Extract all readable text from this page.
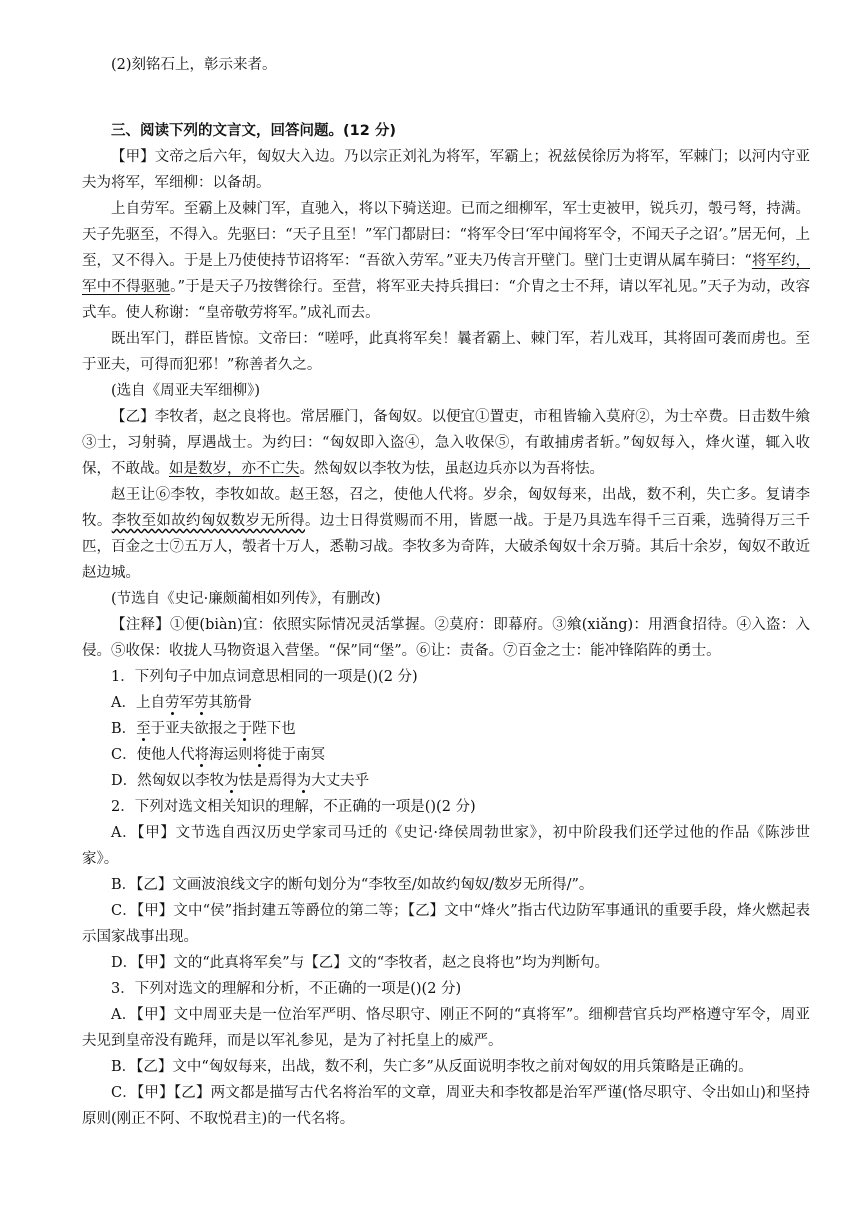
(2)刻铭石上，彰示来者。

三、阅读下列的文言文，回答问题。(12 分)

【甲】文帝之后六年，匈奴大入边。乃以宗正刘礼为将军，军霸上；祝兹侯徐厉为将军，军棘门；以河内守亚夫为将军，军细柳：以备胡。

上自劳军。至霸上及棘门军，直驰入，将以下骑送迎。已而之细柳军，军士吏被甲，锐兵刃，彀弓弩，持满。天子先驱至，不得入。先驱曰：“天子且至！”军门都尉曰：“将军令曰‘军中闻将军令，不闻天子之诏’。”居无何，上至，又不得入。于是上乃使使持节诏将军：“吾欲入劳军。”亚夫乃传言开壁门。壁门士吏谓从属车骑曰：“将军约，军中不得驱驰。”于是天子乃按辔徐行。至营，将军亚夫持兵揖曰：“介胄之士不拜，请以军礼见。”天子为动，改容式车。使人称谢：“皇帝敬劳将军。”成礼而去。

既出军门，群臣皆惊。文帝曰：“嗟呼，此真将军矣！曩者霸上、棘门军，若儿戏耳，其将固可袭而虏也。至于亚夫，可得而犯邪！”称善者久之。

(选自《周亚夫军细柳》)

【乙】李牧者，赵之良将也。常居雁门，备匈奴。以便宜①置吏，市租皆输入莫府②，为士卒费。日击数牛飨③士，习射骑，厚遇战士。为约曰：“匈奴即入盗④，急入收保⑤，有敢捕虏者斩。”匈奴每入，烽火谨，辄入收保，不敢战。如是数岁，亦不亡失。然匈奴以李牧为怯，虽赵边兵亦以为吾将怯。

赵王让⑥李牧，李牧如故。赵王怒，召之，使他人代将。岁余，匈奴每来，出战，数不利，失亡多。复请李牧。李牧至如故约匈奴数岁无所得。边士日得赏赐而不用，皆愿一战。于是乃具选车得千三百乘，选骑得万三千匹，百金之士⑦五万人，彀者十万人，悉勒习战。李牧多为奇阵，大破杀匈奴十余万骑。其后十余岁，匈奴不敢近赵边城。

(节选自《史记·廉颇蔺相如列传》，有删改)

【注释】①便(biàn)宜：依照实际情况灵活掌握。②莫府：即幕府。③飨(xiǎng)：用酒食招待。④入盗：入侵。⑤收保：收拢人马物资退入营堡。“保”同“堡”。⑥让：责备。⑦百金之士：能冲锋陷阵的勇士。

1．下列句子中加点词意思相同的一项是()(2 分)

A．上自劳军劳其筋骨

B．至于亚夫欲报之于陛下也

C．使他人代将海运则将徙于南冥

D．然匈奴以李牧为怯是焉得为大丈夫乎

2．下列对选文相关知识的理解，不正确的一项是()(2 分)

A．【甲】文节选自西汉历史学家司马迁的《史记·绛侯周勃世家》，初中阶段我们还学过他的作品《陈涉世家》。

B．【乙】文画波浪线文字的断句划分为“李牧至/如故约匈奴/数岁无所得/”。

C．【甲】文中“侯”指封建五等爵位的第二等；【乙】文中“烽火”指古代边防军事通讯的重要手段，烽火燃起表示国家战事出现。

D．【甲】文的“此真将军矣”与【乙】文的“李牧者，赵之良将也”均为判断句。

3．下列对选文的理解和分析，不正确的一项是()(2 分)

A．【甲】文中周亚夫是一位治军严明、恪尽职守、刚正不阿的“真将军”。细柳营官兵均严格遵守军令，周亚夫见到皇帝没有跪拜，而是以军礼参见，是为了衬托皇上的威严。

B．【乙】文中“匈奴每来，出战，数不利，失亡多”从反面说明李牧之前对匈奴的用兵策略是正确的。

C．【甲】【乙】两文都是描写古代名将治军的文章，周亚夫和李牧都是治军严谨(恪尽职守、令出如山)和坚持原则(刚正不阿、不取悦君主)的一代名将。
